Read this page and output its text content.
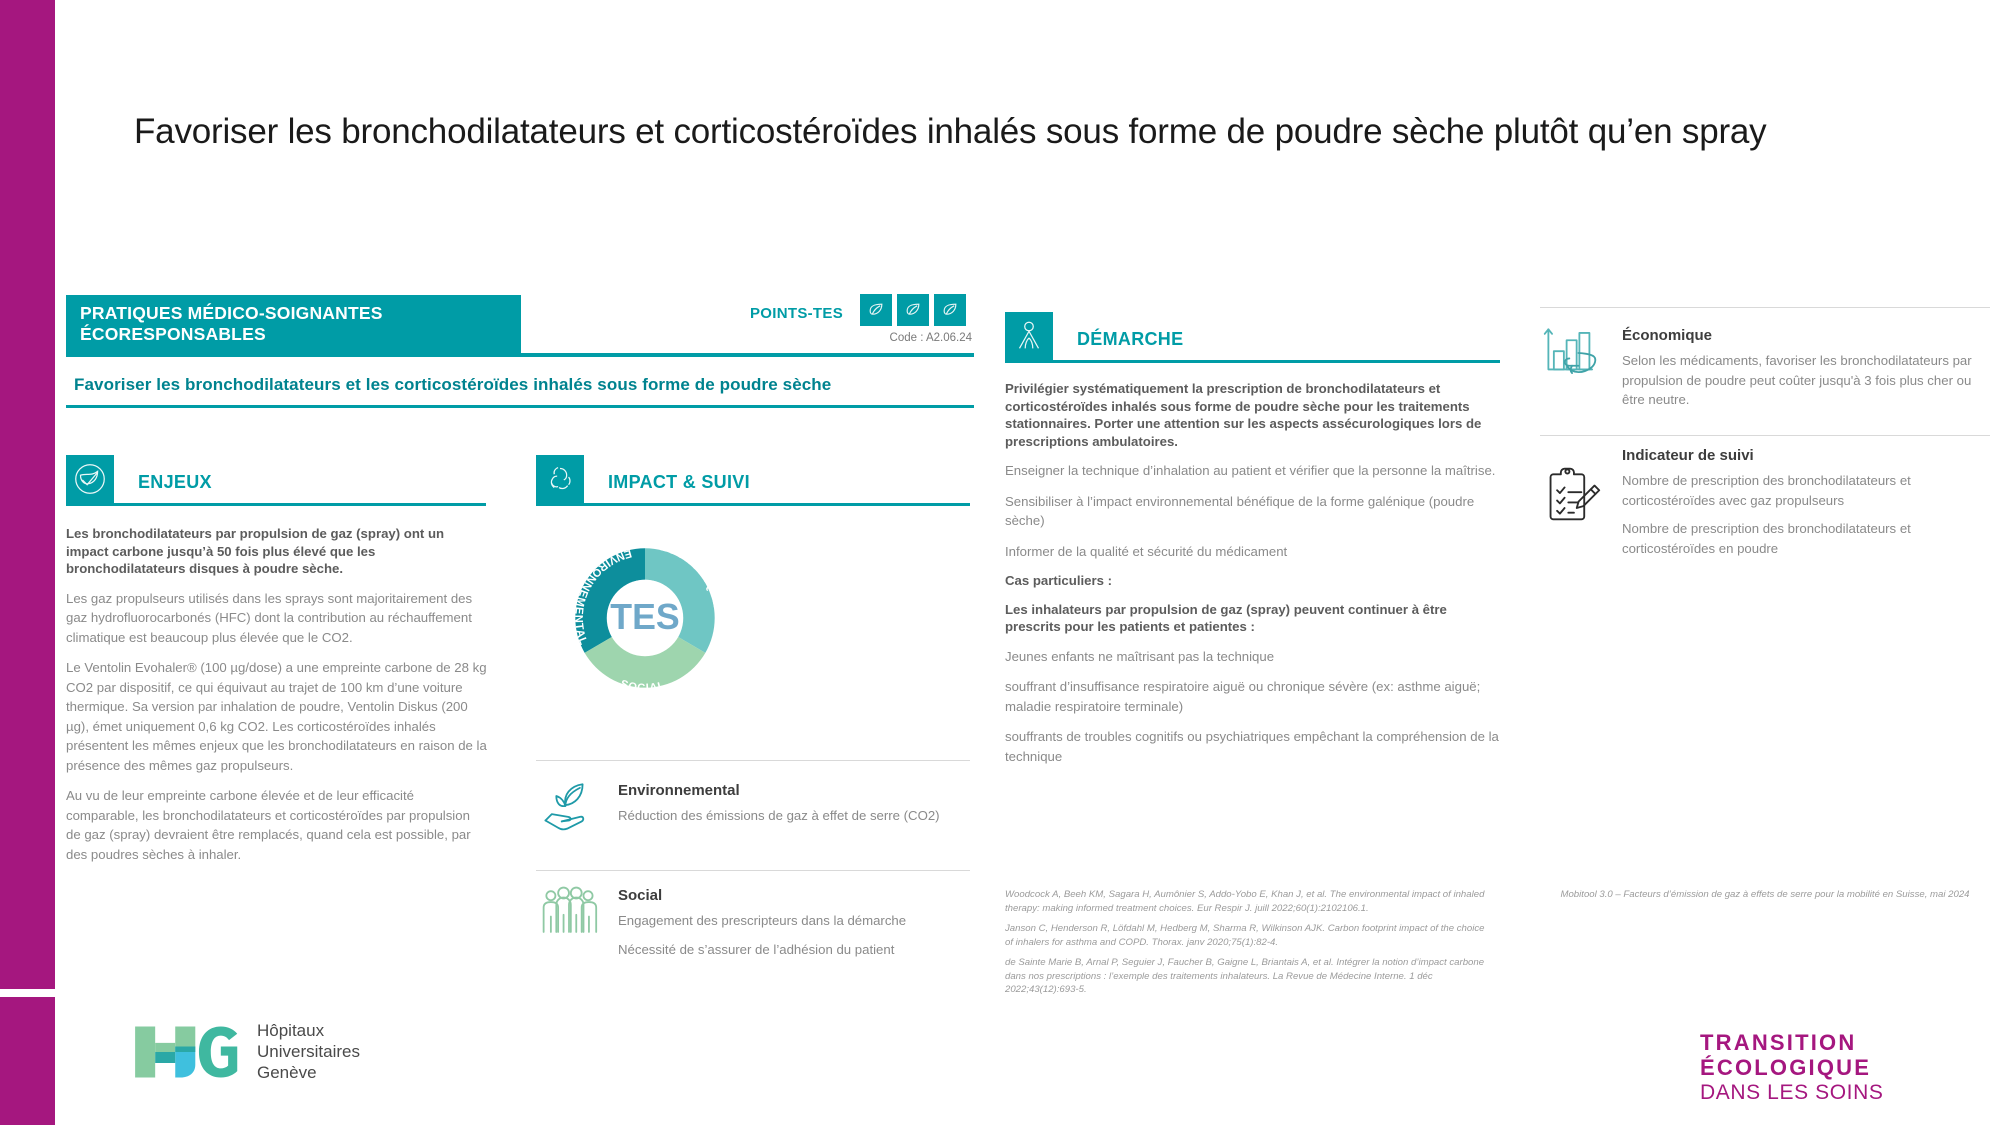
Favoriser les bronchodilatateurs et corticostéroïdes inhalés sous forme de poudre sèche plutôt qu’en spray
PRATIQUES MÉDICO-SOIGNANTES
ÉCORESPONSABLES
POINTS-TES
Code : A2.06.24
Favoriser les bronchodilatateurs et les corticostéroïdes inhalés sous forme de poudre sèche
ENJEUX
Les bronchodilatateurs par propulsion de gaz (spray) ont un impact carbone jusqu’à 50 fois plus élevé que les bronchodilatateurs disques à poudre sèche.
Les gaz propulseurs utilisés dans les sprays sont majoritairement des gaz hydrofluorocarbonés (HFC) dont la contribution au réchauffement climatique est beaucoup plus élevée que le CO2.
Le Ventolin Evohaler® (100 µg/dose) a une empreinte carbone de 28 kg CO2 par dispositif, ce qui équivaut au trajet de 100 km d’une voiture thermique. Sa version par inhalation de poudre, Ventolin Diskus (200 µg), émet uniquement 0,6 kg CO2. Les corticostéroïdes inhalés présentent les mêmes enjeux que les bronchodilatateurs en raison de la présence des mêmes gaz propulseurs.
Au vu de leur empreinte carbone élevée et de leur efficacité comparable, les bronchodilatateurs et corticostéroïdes par propulsion de gaz (spray) devraient être remplacés, quand cela est possible, par des poudres sèches à inhaler.
IMPACT & SUIVI
TES
ENVIRONNEMENTAL
ÉCONOMIQUE
SOCIAL
Environnemental
Réduction des émissions de gaz à effet de serre (CO2)
Social
Engagement des prescripteurs dans la démarche
Nécessité de s’assurer de l’adhésion du patient
DÉMARCHE
Privilégier systématiquement la prescription de bronchodilatateurs et corticostéroïdes inhalés sous forme de poudre sèche pour les traitements stationnaires. Porter une attention sur les aspects assécurologiques lors de prescriptions ambulatoires.
Enseigner la technique d’inhalation au patient et vérifier que la personne la maîtrise.
Sensibiliser à l’impact environnemental bénéfique de la forme galénique (poudre sèche)
Informer de la qualité et sécurité du médicament
Cas particuliers :
Les inhalateurs par propulsion de gaz (spray) peuvent continuer à être prescrits pour les patients et patientes :
Jeunes enfants ne maîtrisant pas la technique
souffrant d’insuffisance respiratoire aiguë ou chronique sévère (ex: asthme aiguë; maladie respiratoire terminale)
souffrants de troubles cognitifs ou psychiatriques empêchant la compréhension de la technique
Woodcock A, Beeh KM, Sagara H, Aumônier S, Addo-Yobo E, Khan J, et al. The environmental impact of inhaled therapy: making informed treatment choices. Eur Respir J. juill 2022;60(1):2102106.1.
Janson C, Henderson R, Löfdahl M, Hedberg M, Sharma R, Wilkinson AJK. Carbon footprint impact of the choice of inhalers for asthma and COPD. Thorax. janv 2020;75(1):82-4.
de Sainte Marie B, Arnal P, Seguier J, Faucher B, Gaigne L, Briantais A, et al. Intégrer la notion d’impact carbone dans nos prescriptions : l’exemple des traitements inhalateurs. La Revue de Médecine Interne. 1 déc 2022;43(12):693-5.
Économique
Selon les médicaments, favoriser les bronchodilatateurs par propulsion de poudre peut coûter jusqu'à 3 fois plus cher ou être neutre.
Indicateur de suivi
Nombre de prescription des bronchodilatateurs et corticostéroïdes avec gaz propulseurs
Nombre de prescription des bronchodilatateurs et corticostéroïdes en poudre
Mobitool 3.0 – Facteurs d’émission de gaz à effets de serre pour la mobilité en Suisse, mai 2024
Hôpitaux
Universitaires
Genève
TRANSITION
ÉCOLOGIQUE
DANS LES SOINS
